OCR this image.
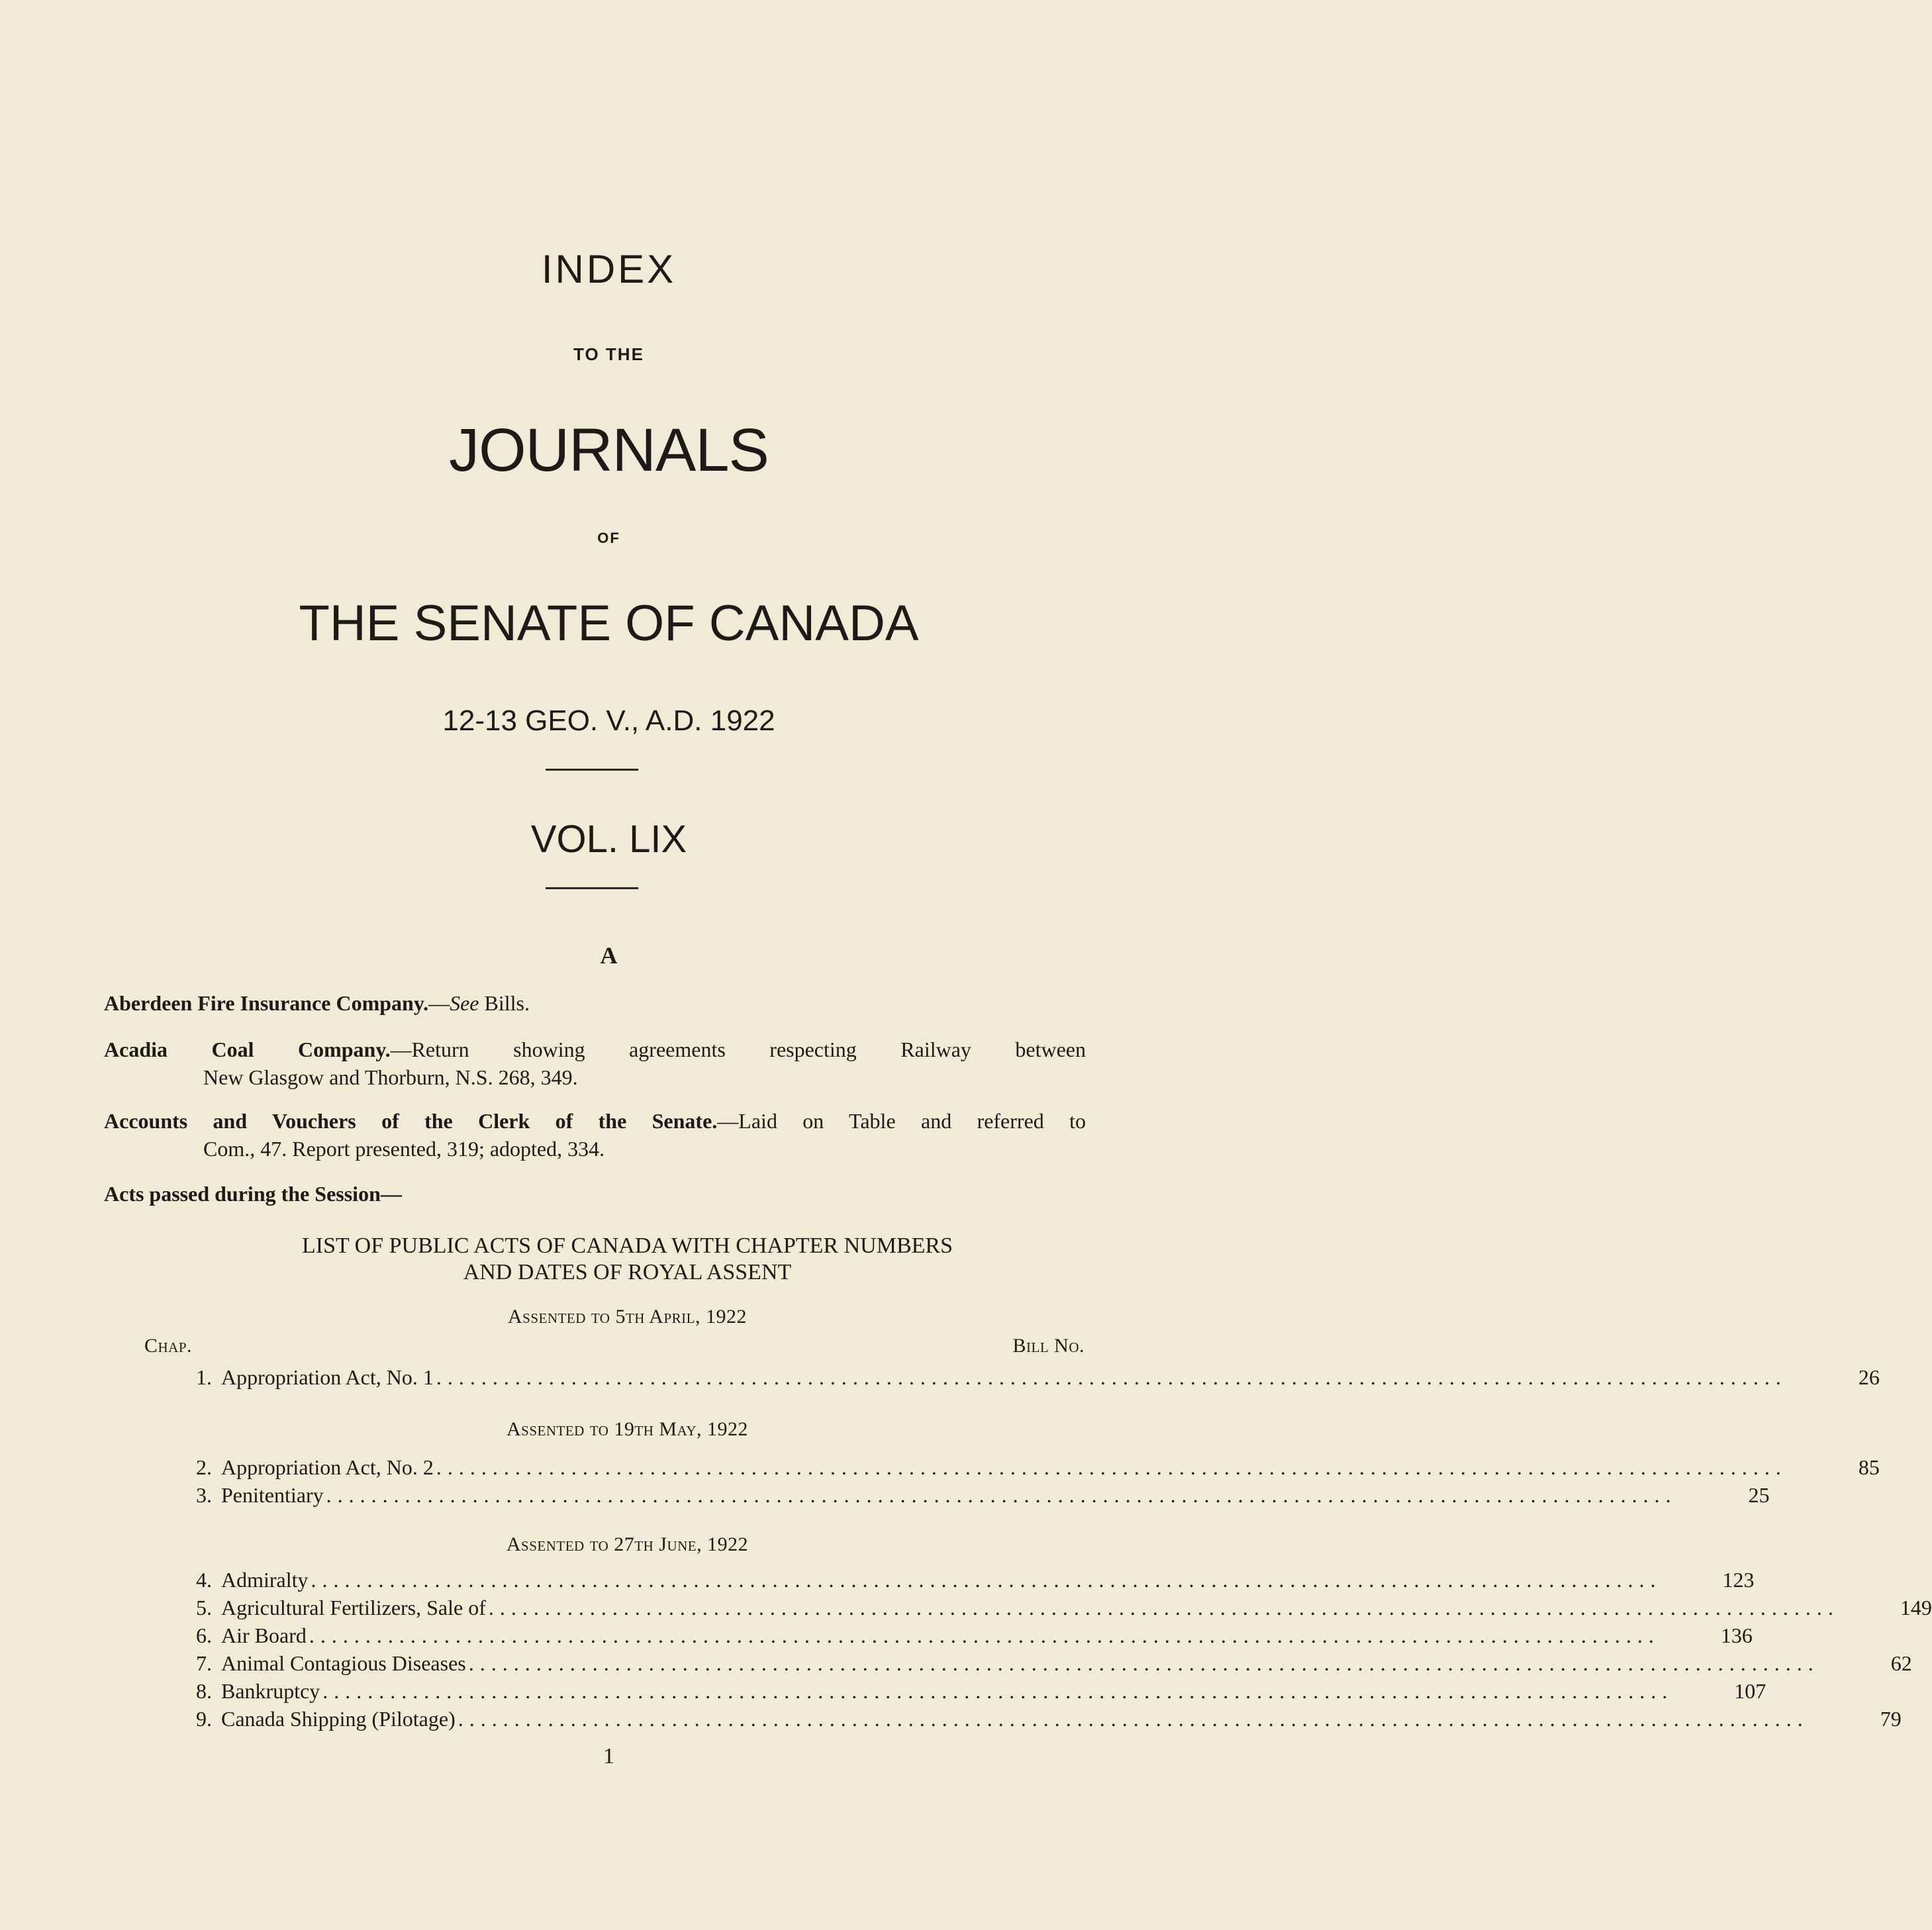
INDEX
TO THE
JOURNALS
OF
THE SENATE OF CANADA
12-13 GEO. V., A.D. 1922
VOL. LIX
A
Aberdeen Fire Insurance Company.—See Bills.
Acadia Coal Company.—Return showing agreements respecting Railway between
New Glasgow and Thorburn, N.S. 268, 349.
Accounts and Vouchers of the Clerk of the Senate.—Laid on Table and referred to
Com., 47. Report presented, 319; adopted, 334.
Acts passed during the Session—
LIST OF PUBLIC ACTS OF CANADA WITH CHAPTER NUMBERS
AND DATES OF ROYAL ASSENT
Assented to 5th April, 1922
Chap.	Bill No.
1. Appropriation Act, No. 1 ........................................................................................................................	26
Assented to 19th May, 1922
2. Appropriation Act, No. 2 ........................................................................................................................	85
3. Penitentiary ........................................................................................................................	25
Assented to 27th June, 1922
4. Admiralty ........................................................................................................................	123
5. Agricultural Fertilizers, Sale of ........................................................................................................................	149
6. Air Board ........................................................................................................................	136
7. Animal Contagious Diseases ........................................................................................................................	62
8. Bankruptcy ........................................................................................................................	107
9. Canada Shipping (Pilotage) ........................................................................................................................	79
1
